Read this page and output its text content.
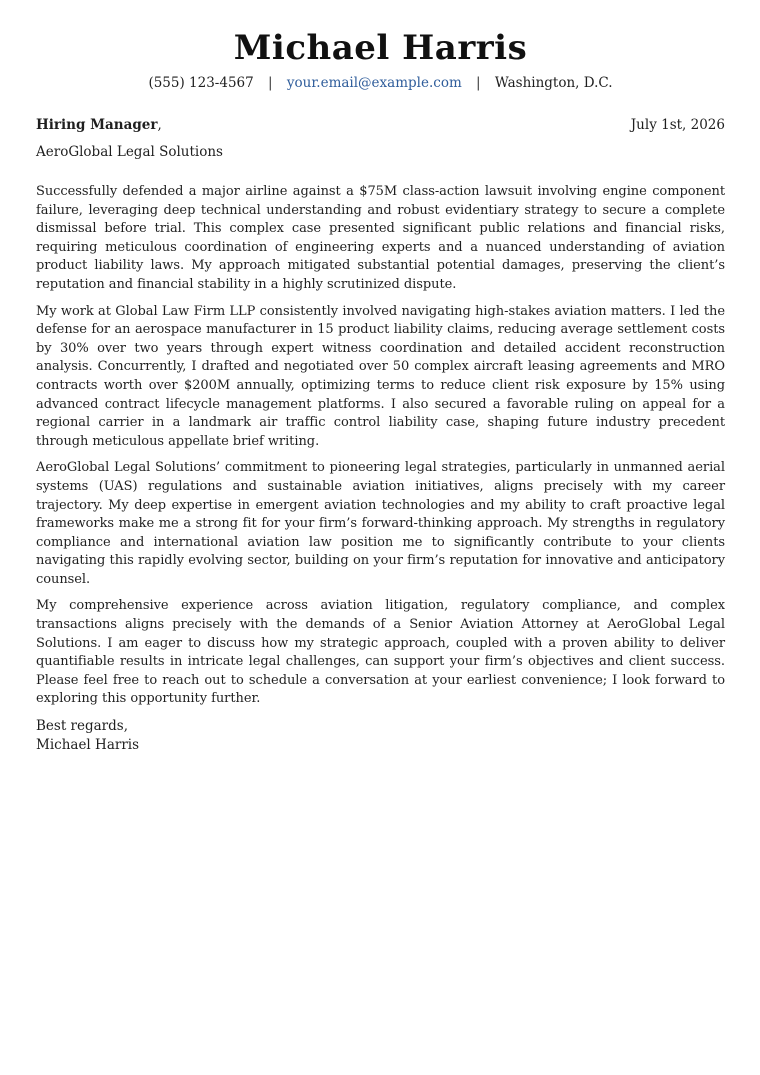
Michael Harris
(555) 123-4567 | your.email@example.com | Washington, D.C.
Hiring Manager,	July 1st, 2026
AeroGlobal Legal Solutions

Successfully defended a major airline against a $75M class-action lawsuit involving engine component failure, leveraging deep technical understanding and robust evidentiary strategy to secure a complete dismissal before trial. This complex case presented significant public relations and financial risks, requiring meticulous coordination of engineering experts and a nuanced understanding of aviation product liability laws. My approach mitigated substantial potential damages, preserving the client’s reputation and financial stability in a highly scrutinized dispute.

My work at Global Law Firm LLP consistently involved navigating high-stakes aviation matters. I led the defense for an aerospace manufacturer in 15 product liability claims, reducing average settlement costs by 30% over two years through expert witness coordination and detailed accident reconstruction analysis. Concurrently, I drafted and negotiated over 50 complex aircraft leasing agreements and MRO contracts worth over $200M annually, optimizing terms to reduce client risk exposure by 15% using advanced contract lifecycle management platforms. I also secured a favorable ruling on appeal for a regional carrier in a landmark air traffic control liability case, shaping future industry precedent through meticulous appellate brief writing.

AeroGlobal Legal Solutions’ commitment to pioneering legal strategies, particularly in unmanned aerial systems (UAS) regulations and sustainable aviation initiatives, aligns precisely with my career trajectory. My deep expertise in emergent aviation technologies and my ability to craft proactive legal frameworks make me a strong fit for your firm’s forward-thinking approach. My strengths in regulatory compliance and international aviation law position me to significantly contribute to your clients navigating this rapidly evolving sector, building on your firm’s reputation for innovative and anticipatory counsel.

My comprehensive experience across aviation litigation, regulatory compliance, and complex transactions aligns precisely with the demands of a Senior Aviation Attorney at AeroGlobal Legal Solutions. I am eager to discuss how my strategic approach, coupled with a proven ability to deliver quantifiable results in intricate legal challenges, can support your firm’s objectives and client success. Please feel free to reach out to schedule a conversation at your earliest convenience; I look forward to exploring this opportunity further.

Best regards,
Michael Harris
